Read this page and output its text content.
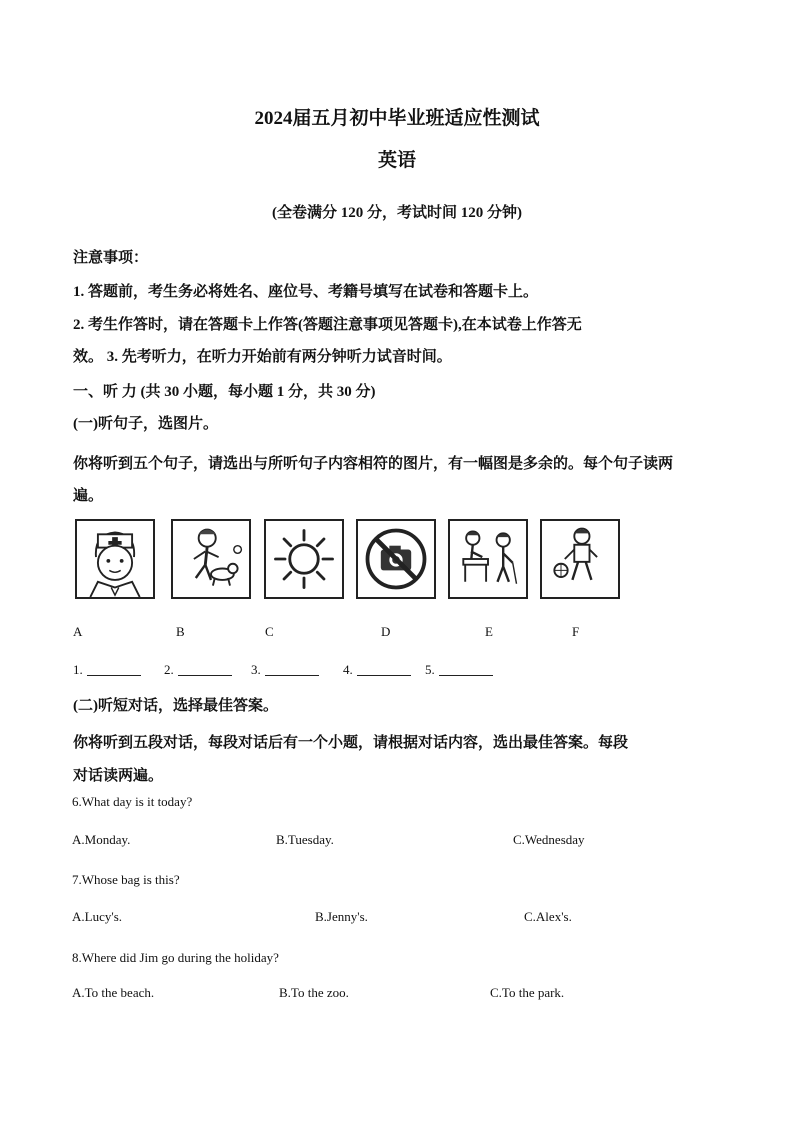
2024届五月初中毕业班适应性测试
英语
(全卷满分 120 分，考试时间 120 分钟)
注意事项：
1. 答题前，考生务必将姓名、座位号、考籍号填写在试卷和答题卡上。
2. 考生作答时，请在答题卡上作答(答题注意事项见答题卡),在本试卷上作答无
效。 3. 先考听力，在听力开始前有两分钟听力试音时间。
一、听 力 (共 30 小题，每小题 1 分，共 30 分)
(一)听句子，选图片。
你将听到五个句子，请选出与所听句子内容相符的图片，有一幅图是多余的。每个句子读两
遍。
A	B	C	D	E	F
1.	2.	3.	4.	5.
(二)听短对话，选择最佳答案。
你将听到五段对话，每段对话后有一个小题，请根据对话内容，选出最佳答案。每段
对话读两遍。
6.What day is it today?
A.Monday.	B.Tuesday.	C.Wednesday
7.Whose bag is this?
A.Lucy's.	B.Jenny's.	C.Alex's.
8.Where did Jim go during the holiday?
A.To the beach.	B.To the zoo.	C.To the park.
